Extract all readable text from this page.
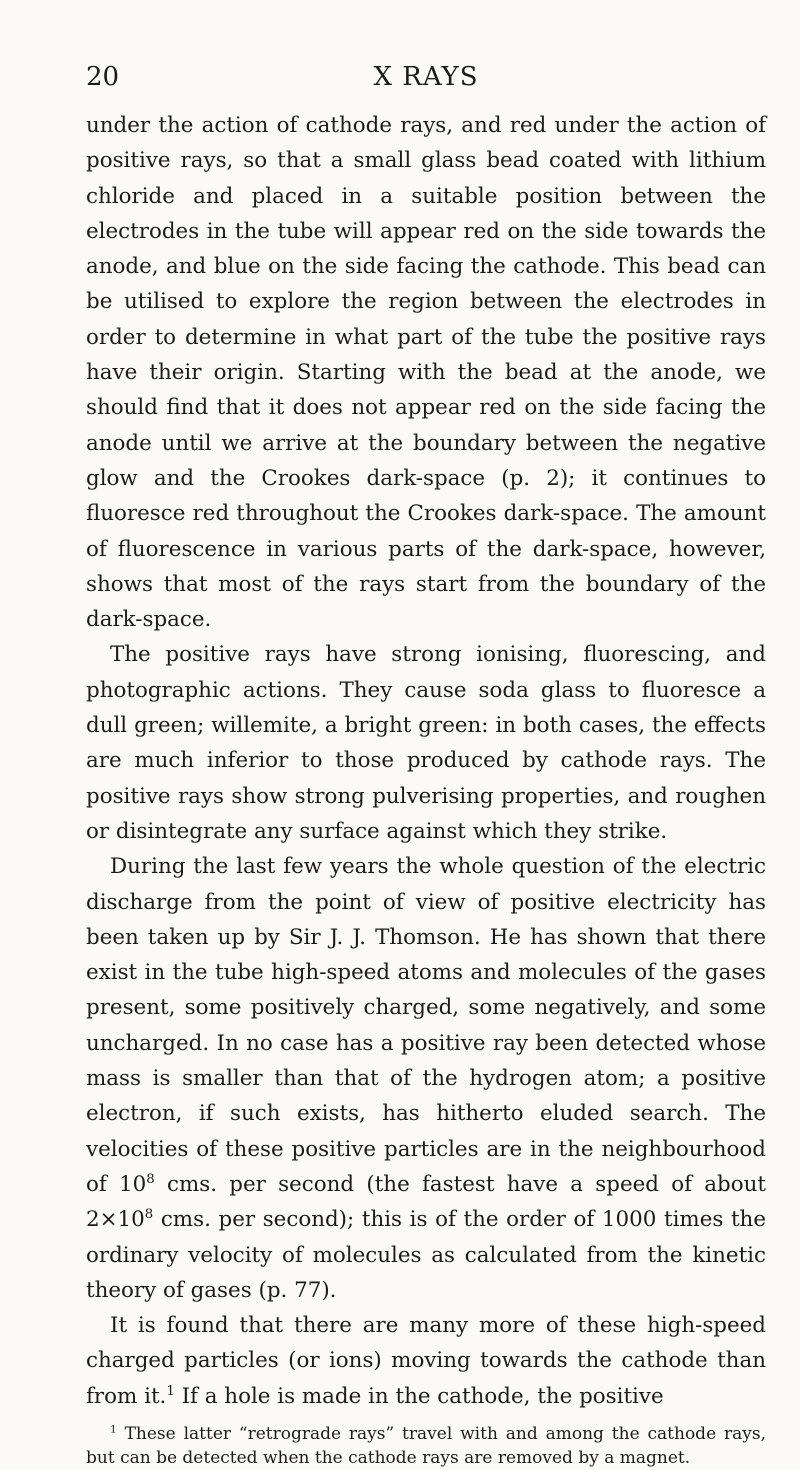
20	X RAYS

under the action of cathode rays, and red under the action of positive rays, so that a small glass bead coated with lithium chloride and placed in a suitable position between the electrodes in the tube will appear red on the side towards the anode, and blue on the side facing the cathode. This bead can be utilised to explore the region between the electrodes in order to determine in what part of the tube the positive rays have their origin. Starting with the bead at the anode, we should find that it does not appear red on the side facing the anode until we arrive at the boundary between the negative glow and the Crookes dark-space (p. 2); it continues to fluoresce red throughout the Crookes dark-space. The amount of fluorescence in various parts of the dark-space, however, shows that most of the rays start from the boundary of the dark-space.

The positive rays have strong ionising, fluorescing, and photographic actions. They cause soda glass to fluoresce a dull green; willemite, a bright green: in both cases, the effects are much inferior to those produced by cathode rays. The positive rays show strong pulverising properties, and roughen or disintegrate any surface against which they strike.

During the last few years the whole question of the electric discharge from the point of view of positive electricity has been taken up by Sir J. J. Thomson. He has shown that there exist in the tube high-speed atoms and molecules of the gases present, some positively charged, some negatively, and some uncharged. In no case has a positive ray been detected whose mass is smaller than that of the hydrogen atom; a positive electron, if such exists, has hitherto eluded search. The velocities of these positive particles are in the neighbourhood of $10^8$ cms. per second (the fastest have a speed of about $2\times 10^8$ cms. per second); this is of the order of 1000 times the ordinary velocity of molecules as calculated from the kinetic theory of gases (p. 77).

It is found that there are many more of these high-speed charged particles (or ions) moving towards the cathode than from it.$^1$ If a hole is made in the cathode, the positive

$^1$ These latter “retrograde rays” travel with and among the cathode rays, but can be detected when the cathode rays are removed by a magnet.
